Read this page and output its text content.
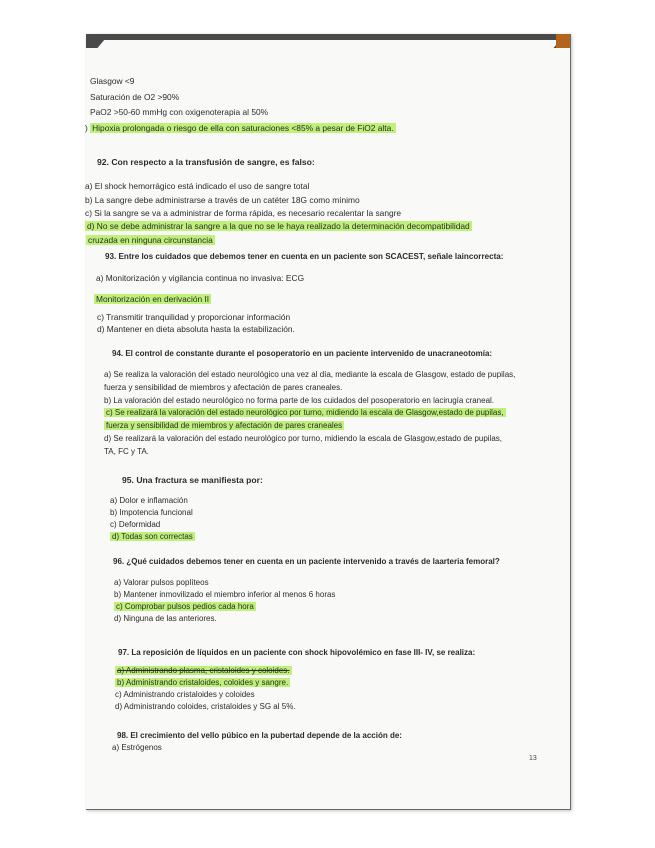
Glasgow <9
Saturación de O2 >90%
PaO2 >50-60 mmHg con oxigenoterapia al 50%
) Hipoxia prolongada o riesgo de ella con saturaciones <85% a pesar de FiO2 alta.
92. Con respecto a la transfusión de sangre, es falso:
a) El shock hemorrágico está indicado el uso de sangre total
b) La sangre debe administrarse a través de un catéter 18G como mínimo
c) Si la sangre se va a administrar de forma rápida, es necesario recalentar la sangre
d) No se debe administrar la sangre a la que no se le haya realizado la determinación decompatibilidad
cruzada en ninguna circunstancia
93. Entre los cuidados que debemos tener en cuenta en un paciente son SCACEST, señale laincorrecta:
a) Monitorización y vigilancia continua no invasiva: ECG
Monitorización en derivación II
c) Transmitir tranquilidad y proporcionar información
d) Mantener en dieta absoluta hasta la estabilización.
94. El control de constante durante el posoperatorio en un paciente intervenido de unacraneotomía:
a) Se realiza la valoración del estado neurológico una vez al día, mediante la escala de Glasgow, estado de pupilas,
fuerza y sensibilidad de miembros y afectación de pares craneales.
b) La valoración del estado neurológico no forma parte de los cuidados del posoperatorio en lacirugía craneal.
c) Se realizará la valoración del estado neurológico por turno, midiendo la escala de Glasgow,estado de pupilas,
fuerza y sensibilidad de miembros y afectación de pares craneales
d) Se realizará la valoración del estado neurológico por turno, midiendo la escala de Glasgow,estado de pupilas,
TA, FC y TA.
95. Una fractura se manifiesta por:
a) Dolor e inflamación
b) Impotencia funcional
c) Deformidad
d) Todas son correctas
96. ¿Qué cuidados debemos tener en cuenta en un paciente intervenido a través de laarteria femoral?
a) Valorar pulsos poplíteos
b) Mantener inmovilizado el miembro inferior al menos 6 horas
c) Comprobar pulsos pedios cada hora
d) Ninguna de las anteriores.
97. La reposición de líquidos en un paciente con shock hipovolémico en fase III- IV, se realiza:
a) Administrando plasma, cristaloides y coloides.
b) Administrando cristaloides, coloides y sangre.
c) Administrando cristaloides y coloides
d) Administrando coloides, cristaloides y SG al 5%.
98. El crecimiento del vello púbico en la pubertad depende de la acción de:
a) Estrógenos
13
